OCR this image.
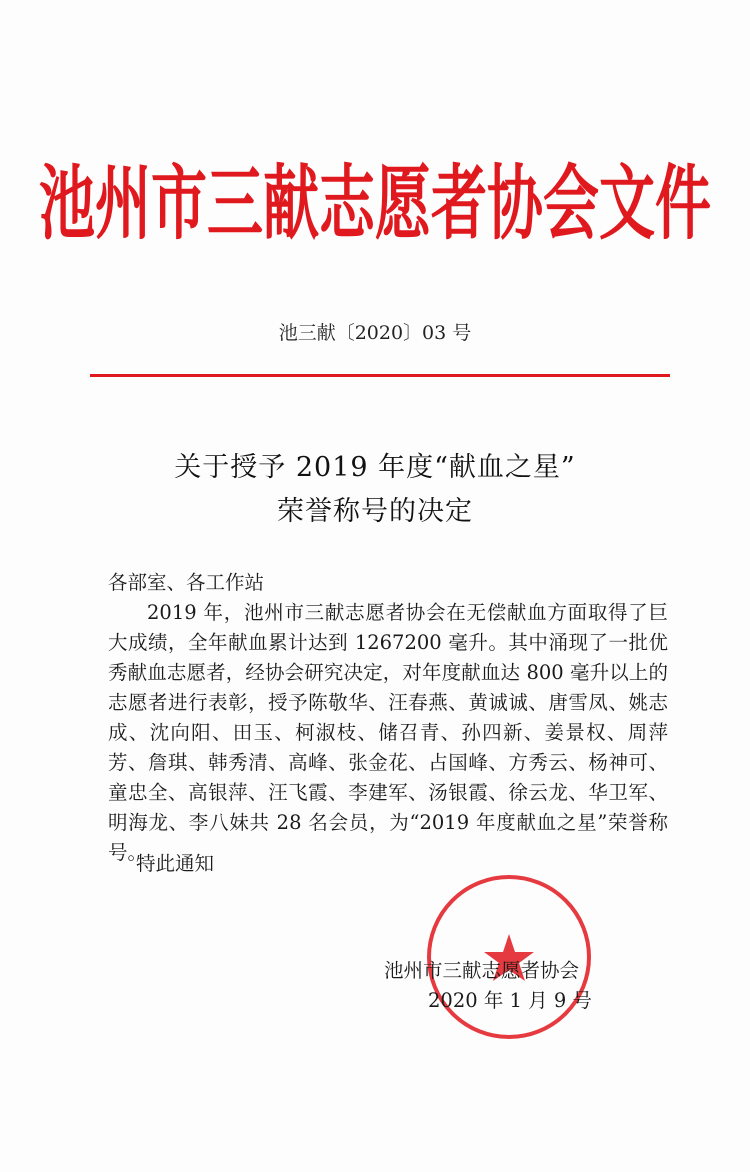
池州市三献志愿者协会文件
池三献〔2020〕03 号
关于授予 2019 年度“献血之星”
荣誉称号的决定

各部室、各工作站

2019 年，池州市三献志愿者协会在无偿献血方面取得了巨大成绩，全年献血累计达到 1267200 毫升。其中涌现了一批优秀献血志愿者，经协会研究决定，对年度献血达 800 毫升以上的志愿者进行表彰，授予陈敬华、汪春燕、黄诚诚、唐雪凤、姚志成、沈向阳、田玉、柯淑枝、储召青、孙四新、姜景权、周萍芳、詹琪、韩秀清、高峰、张金花、占国峰、方秀云、杨神可、童忠全、高银萍、汪飞霞、李建军、汤银霞、徐云龙、华卫军、明海龙、李八妹共 28 名会员，为“2019 年度献血之星”荣誉称号。

特此通知
池州市三献志愿者协会
2020 年 1 月 9 号
